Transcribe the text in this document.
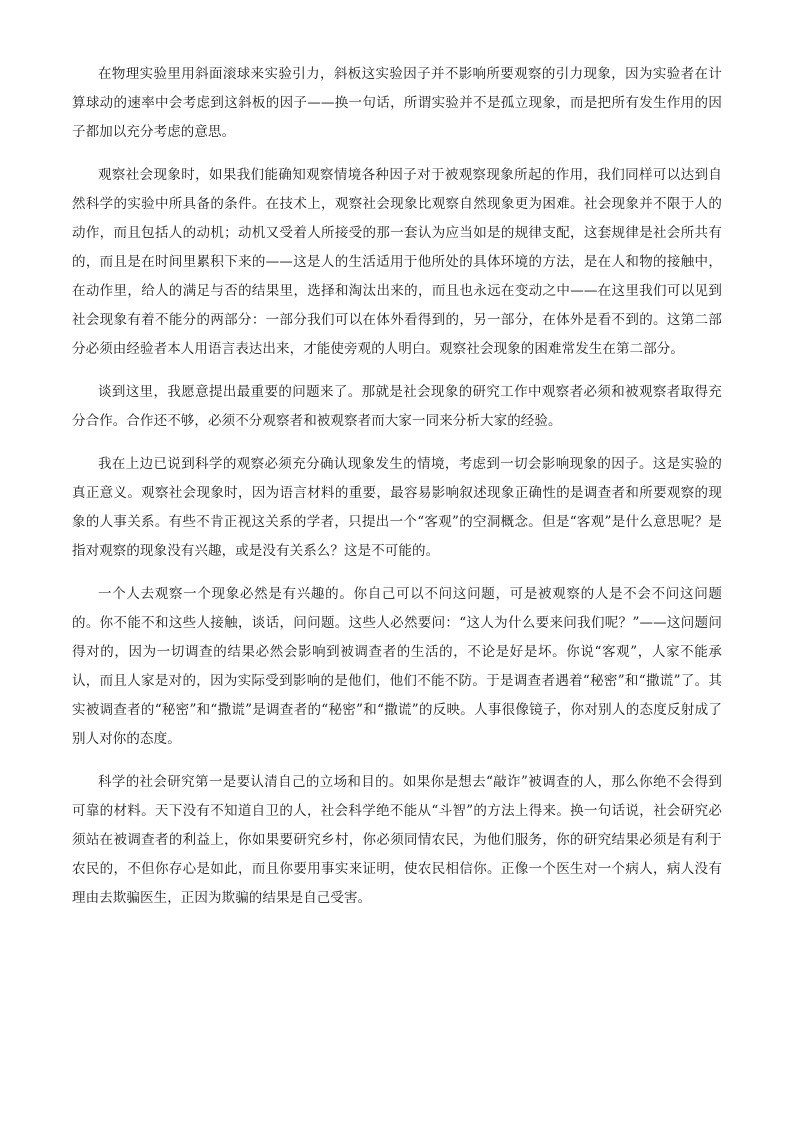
在物理实验里用斜面滚球来实验引力，斜板这实验因子并不影响所要观察的引力现象，因为实验者在计算球动的速率中会考虑到这斜板的因子——换一句话，所谓实验并不是孤立现象，而是把所有发生作用的因子都加以充分考虑的意思。

观察社会现象时，如果我们能确知观察情境各种因子对于被观察现象所起的作用，我们同样可以达到自然科学的实验中所具备的条件。在技术上，观察社会现象比观察自然现象更为困难。社会现象并不限于人的动作，而且包括人的动机；动机又受着人所接受的那一套认为应当如是的规律支配，这套规律是社会所共有的，而且是在时间里累积下来的——这是人的生活适用于他所处的具体环境的方法，是在人和物的接触中，在动作里，给人的满足与否的结果里，选择和淘汰出来的，而且也永远在变动之中——在这里我们可以见到社会现象有着不能分的两部分：一部分我们可以在体外看得到的，另一部分，在体外是看不到的。这第二部分必须由经验者本人用语言表达出来，才能使旁观的人明白。观察社会现象的困难常发生在第二部分。

谈到这里，我愿意提出最重要的问题来了。那就是社会现象的研究工作中观察者必须和被观察者取得充分合作。合作还不够，必须不分观察者和被观察者而大家一同来分析大家的经验。

我在上边已说到科学的观察必须充分确认现象发生的情境，考虑到一切会影响现象的因子。这是实验的真正意义。观察社会现象时，因为语言材料的重要，最容易影响叙述现象正确性的是调查者和所要观察的现象的人事关系。有些不肯正视这关系的学者，只提出一个“客观”的空洞概念。但是“客观”是什么意思呢？是指对观察的现象没有兴趣，或是没有关系么？这是不可能的。

一个人去观察一个现象必然是有兴趣的。你自己可以不问这问题，可是被观察的人是不会不问这问题的。你不能不和这些人接触，谈话，问问题。这些人必然要问：“这人为什么要来问我们呢？”——这问题问得对的，因为一切调查的结果必然会影响到被调查者的生活的，不论是好是坏。你说“客观”，人家不能承认，而且人家是对的，因为实际受到影响的是他们，他们不能不防。于是调查者遇着“秘密”和“撒谎”了。其实被调查者的“秘密”和“撒谎”是调查者的“秘密”和“撒谎”的反映。人事很像镜子，你对别人的态度反射成了别人对你的态度。

科学的社会研究第一是要认清自己的立场和目的。如果你是想去“敲诈”被调查的人，那么你绝不会得到可靠的材料。天下没有不知道自卫的人，社会科学绝不能从“斗智”的方法上得来。换一句话说，社会研究必须站在被调查者的利益上，你如果要研究乡村，你必须同情农民，为他们服务，你的研究结果必须是有利于农民的，不但你存心是如此，而且你要用事实来证明，使农民相信你。正像一个医生对一个病人，病人没有理由去欺骗医生，正因为欺骗的结果是自己受害。
